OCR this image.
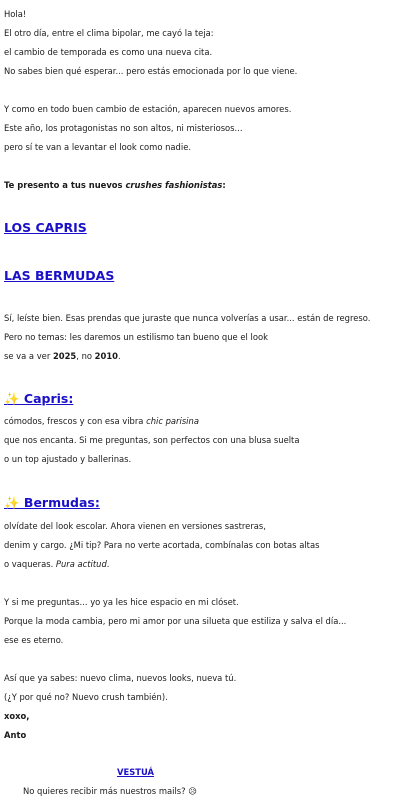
Hola!

El otro día, entre el clima bipolar, me cayó la teja:

el cambio de temporada es como una nueva cita.

No sabes bien qué esperar... pero estás emocionada por lo que viene.

Y como en todo buen cambio de estación, aparecen nuevos amores.

Este año, los protagonistas no son altos, ni misteriosos...

pero sí te van a levantar el look como nadie.

Te presento a tus nuevos crushes fashionistas:

LOS CAPRIS
LAS BERMUDAS

Sí, leíste bien. Esas prendas que juraste que nunca volverías a usar... están de regreso.

Pero no temas: les daremos un estilismo tan bueno que el look

se va a ver 2025, no 2010.

✨ Capris:

cómodos, frescos y con esa vibra chic parisina

que nos encanta. Si me preguntas, son perfectos con una blusa suelta

o un top ajustado y ballerinas.

✨ Bermudas:

olvídate del look escolar. Ahora vienen en versiones sastreras,

denim y cargo. ¿Mi tip? Para no verte acortada, combínalas con botas altas

o vaqueras. Pura actitud.

Y si me preguntas... yo ya les hice espacio en mi clóset.

Porque la moda cambia, pero mi amor por una silueta que estiliza y salva el día...

ese es eterno.

Así que ya sabes: nuevo clima, nuevos looks, nueva tú.

(¿Y por qué no? Nuevo crush también).

xoxo,

Anto

VESTUÁ
No quieres recibir más nuestros mails? 😥
